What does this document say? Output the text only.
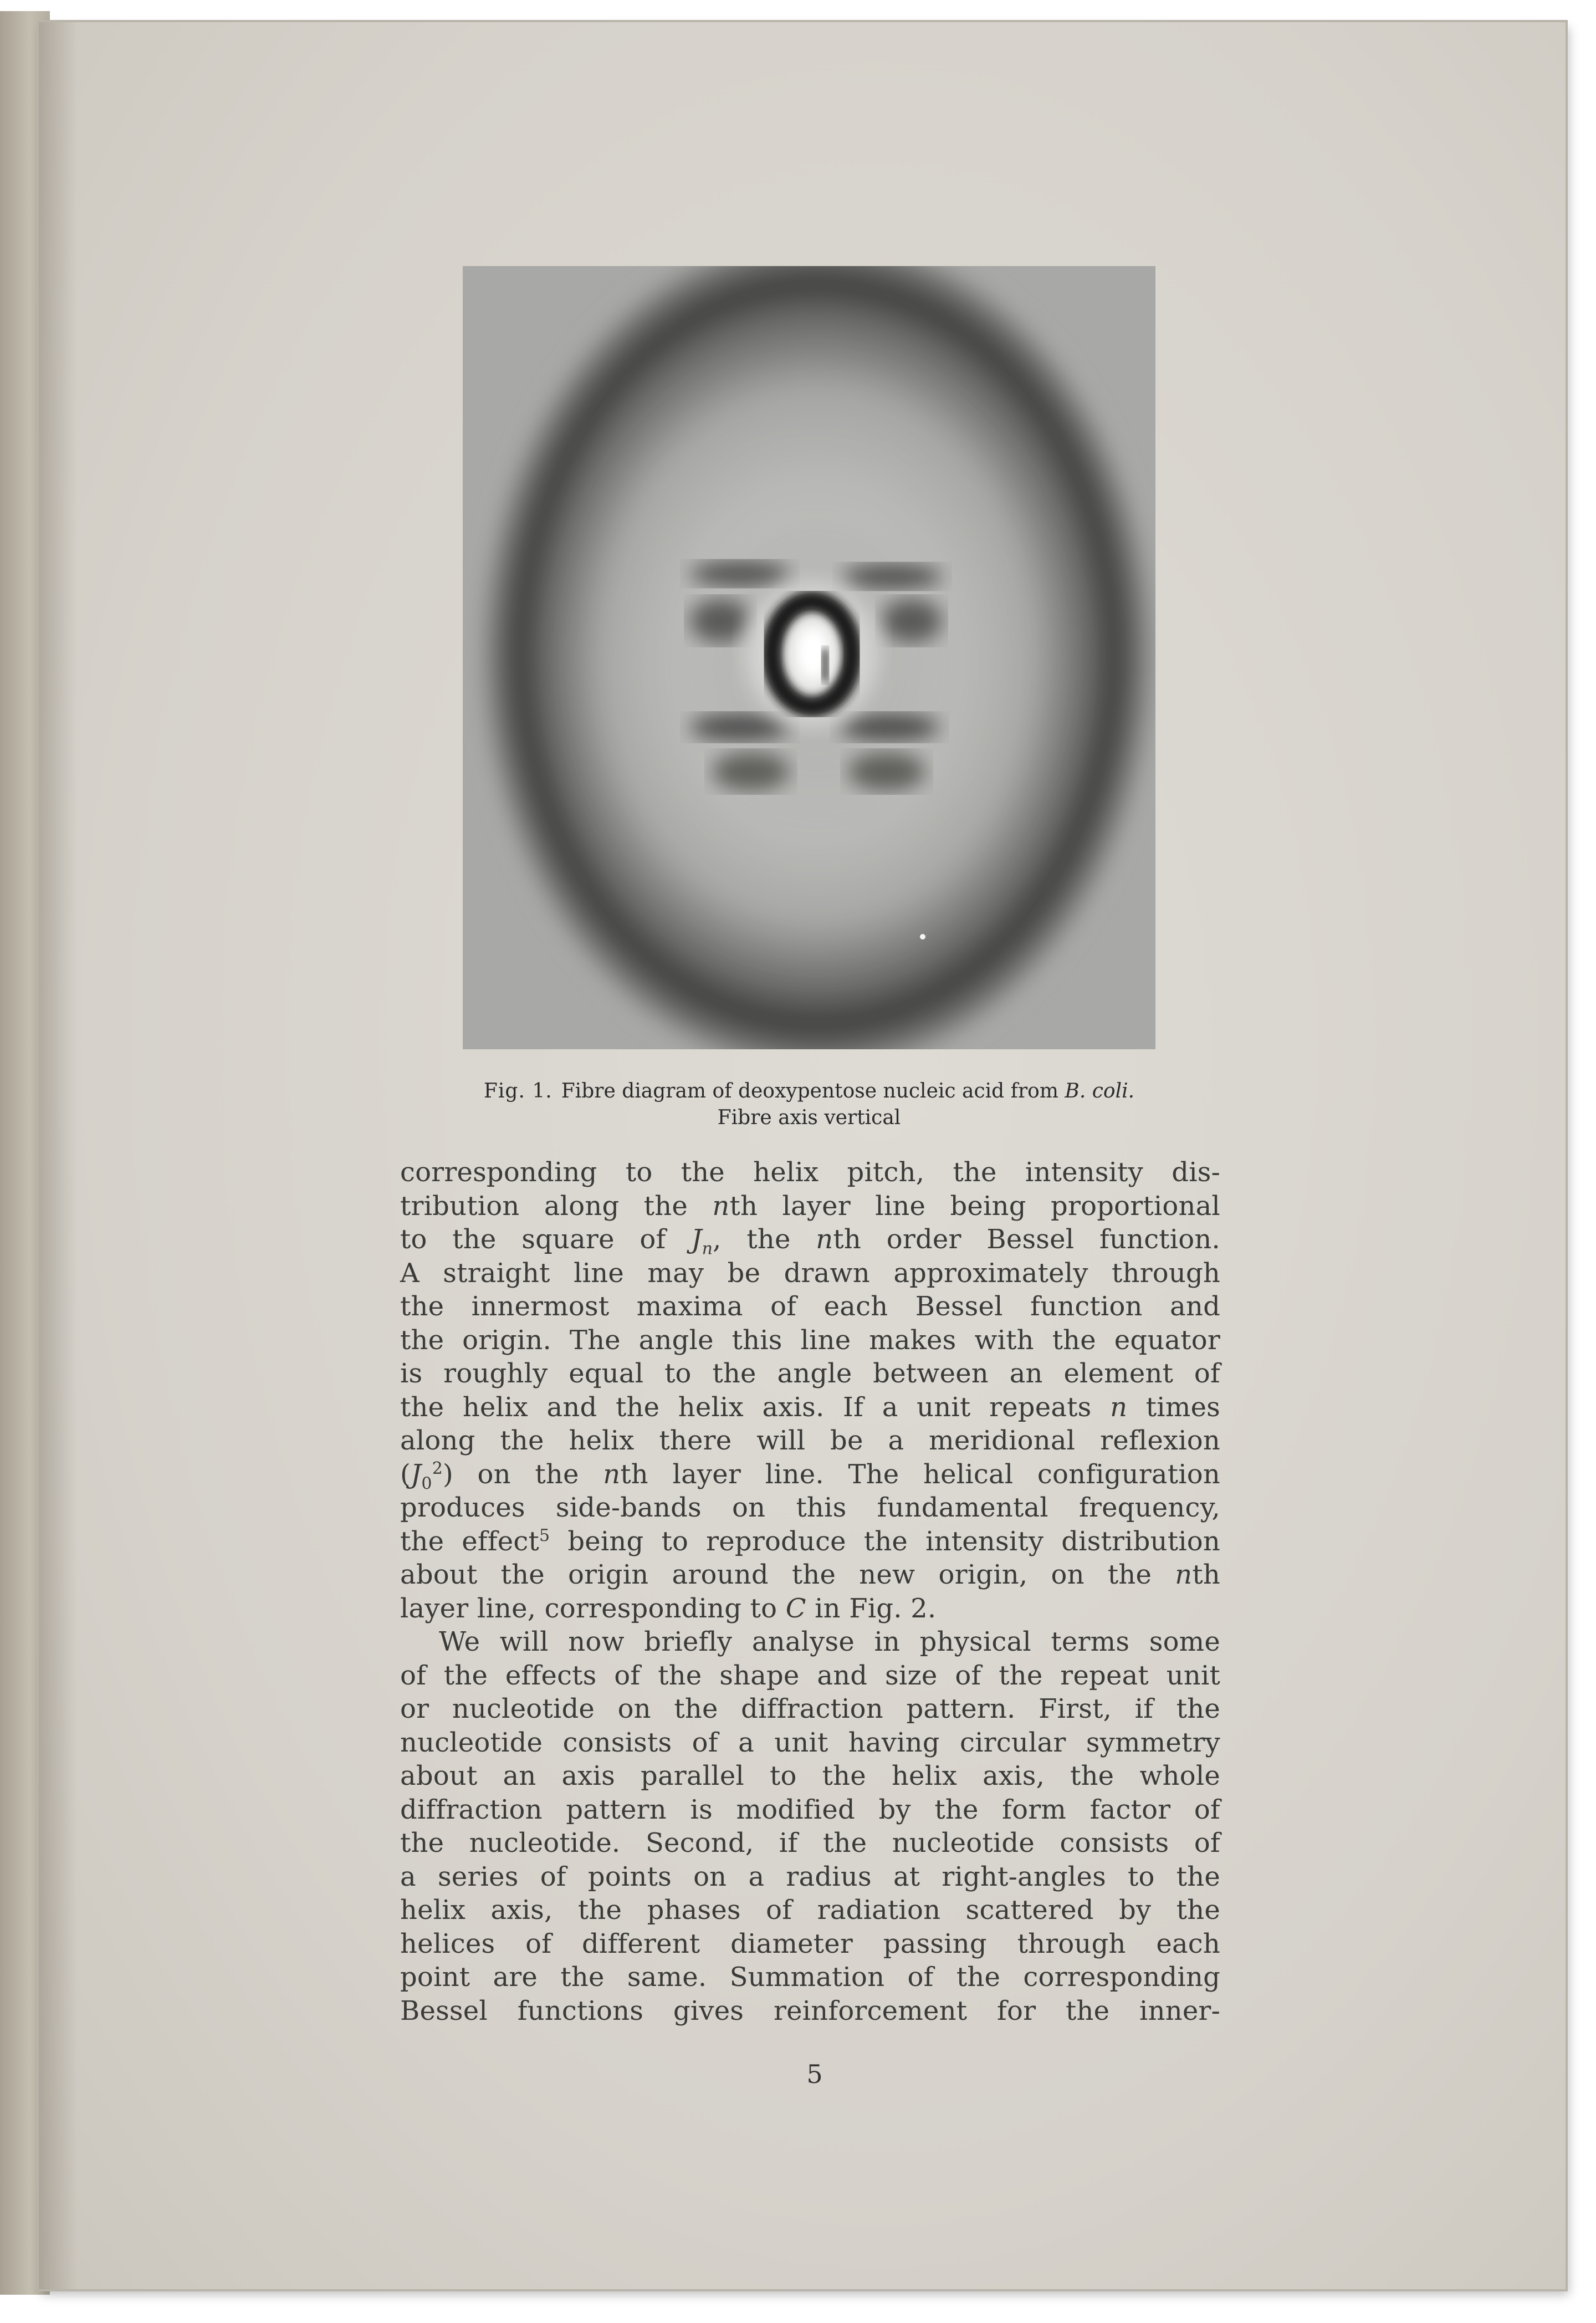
Fig. 1. Fibre diagram of deoxypentose nucleic acid from B. coli.
Fibre axis vertical
corresponding to the helix pitch, the intensity dis-
tribution along the nth layer line being proportional
to the square of $J_n$, the nth order Bessel function.
A straight line may be drawn approximately through
the innermost maxima of each Bessel function and
the origin. The angle this line makes with the equator
is roughly equal to the angle between an element of
the helix and the helix axis. If a unit repeats n times
along the helix there will be a meridional reflexion
$(J_0^2)$ on the nth layer line. The helical configuration
produces side-bands on this fundamental frequency,
the effect$^5$ being to reproduce the intensity distribution
about the origin around the new origin, on the nth
layer line, corresponding to C in Fig. 2.
We will now briefly analyse in physical terms some
of the effects of the shape and size of the repeat unit
or nucleotide on the diffraction pattern. First, if the
nucleotide consists of a unit having circular symmetry
about an axis parallel to the helix axis, the whole
diffraction pattern is modified by the form factor of
the nucleotide. Second, if the nucleotide consists of
a series of points on a radius at right-angles to the
helix axis, the phases of radiation scattered by the
helices of different diameter passing through each
point are the same. Summation of the corresponding
Bessel functions gives reinforcement for the inner-
5
